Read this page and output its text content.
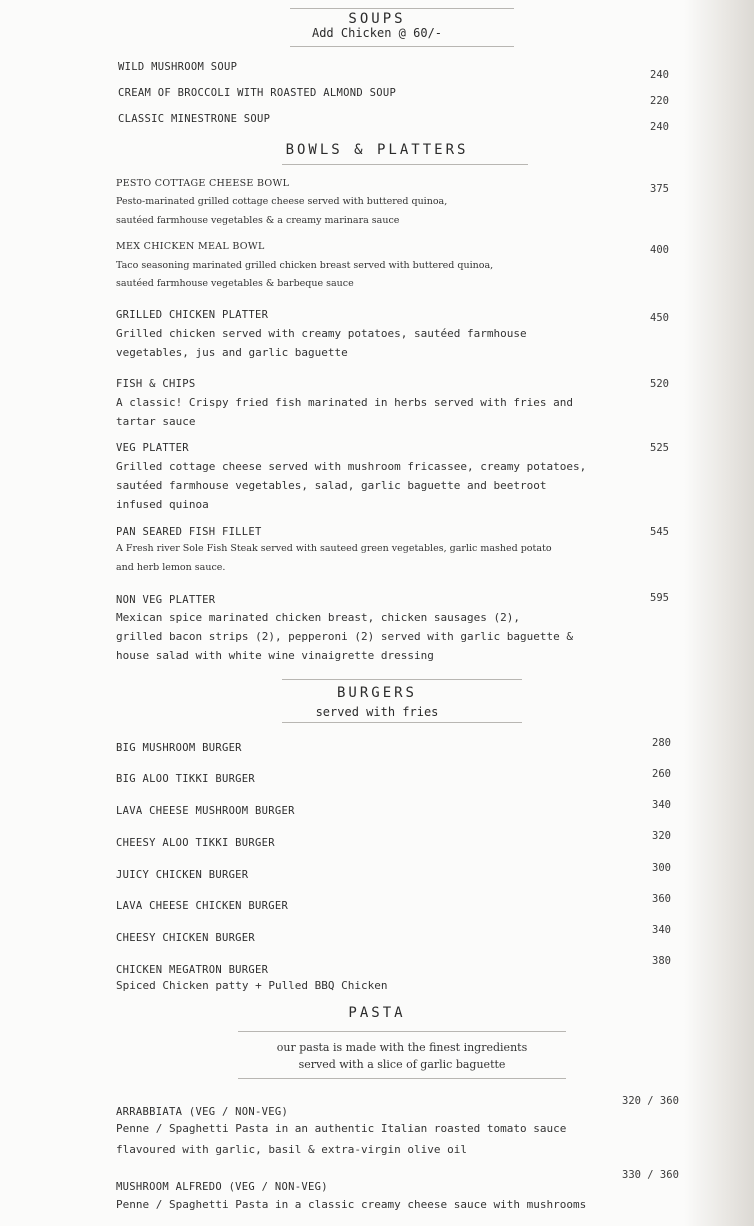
SOUPS
Add Chicken @ 60/-
WILD MUSHROOM SOUP
240
CREAM OF BROCCOLI WITH ROASTED ALMOND SOUP
220
CLASSIC MINESTRONE SOUP
240
BOWLS & PLATTERS
PESTO COTTAGE CHEESE BOWL	375
Pesto-marinated grilled cottage cheese served with buttered quinoa,
sautéed farmhouse vegetables & a creamy marinara sauce
MEX CHICKEN MEAL BOWL	400
Taco seasoning marinated grilled chicken breast served with buttered quinoa,
sautéed farmhouse vegetables & barbeque sauce
GRILLED CHICKEN PLATTER	450
Grilled chicken served with creamy potatoes, sautéed farmhouse
vegetables, jus and garlic baguette
FISH & CHIPS	520
A classic! Crispy fried fish marinated in herbs served with fries and
tartar sauce
VEG PLATTER	525
Grilled cottage cheese served with mushroom fricassee, creamy potatoes,
sautéed farmhouse vegetables, salad, garlic baguette and beetroot
infused quinoa
PAN SEARED FISH FILLET	545
A Fresh river Sole Fish Steak served with sauteed green vegetables, garlic mashed potato
and herb lemon sauce.
NON VEG PLATTER	595
Mexican spice marinated chicken breast, chicken sausages (2),
grilled bacon strips (2), pepperoni (2) served with garlic baguette &
house salad with white wine vinaigrette dressing
BURGERS
served with fries
BIG MUSHROOM BURGER	280
BIG ALOO TIKKI BURGER	260
LAVA CHEESE MUSHROOM BURGER	340
CHEESY ALOO TIKKI BURGER
320
JUICY CHICKEN BURGER
300
LAVA CHEESE CHICKEN BURGER
360
CHEESY CHICKEN BURGER
340
CHICKEN MEGATRON BURGER
380
Spiced Chicken patty + Pulled BBQ Chicken
PASTA
our pasta is made with the finest ingredients
served with a slice of garlic baguette
ARRABBIATA (VEG / NON-VEG)
320 / 360
Penne / Spaghetti Pasta in an authentic Italian roasted tomato sauce
flavoured with garlic, basil & extra-virgin olive oil
MUSHROOM ALFREDO (VEG / NON-VEG)
330 / 360
Penne / Spaghetti Pasta in a classic creamy cheese sauce with mushrooms
